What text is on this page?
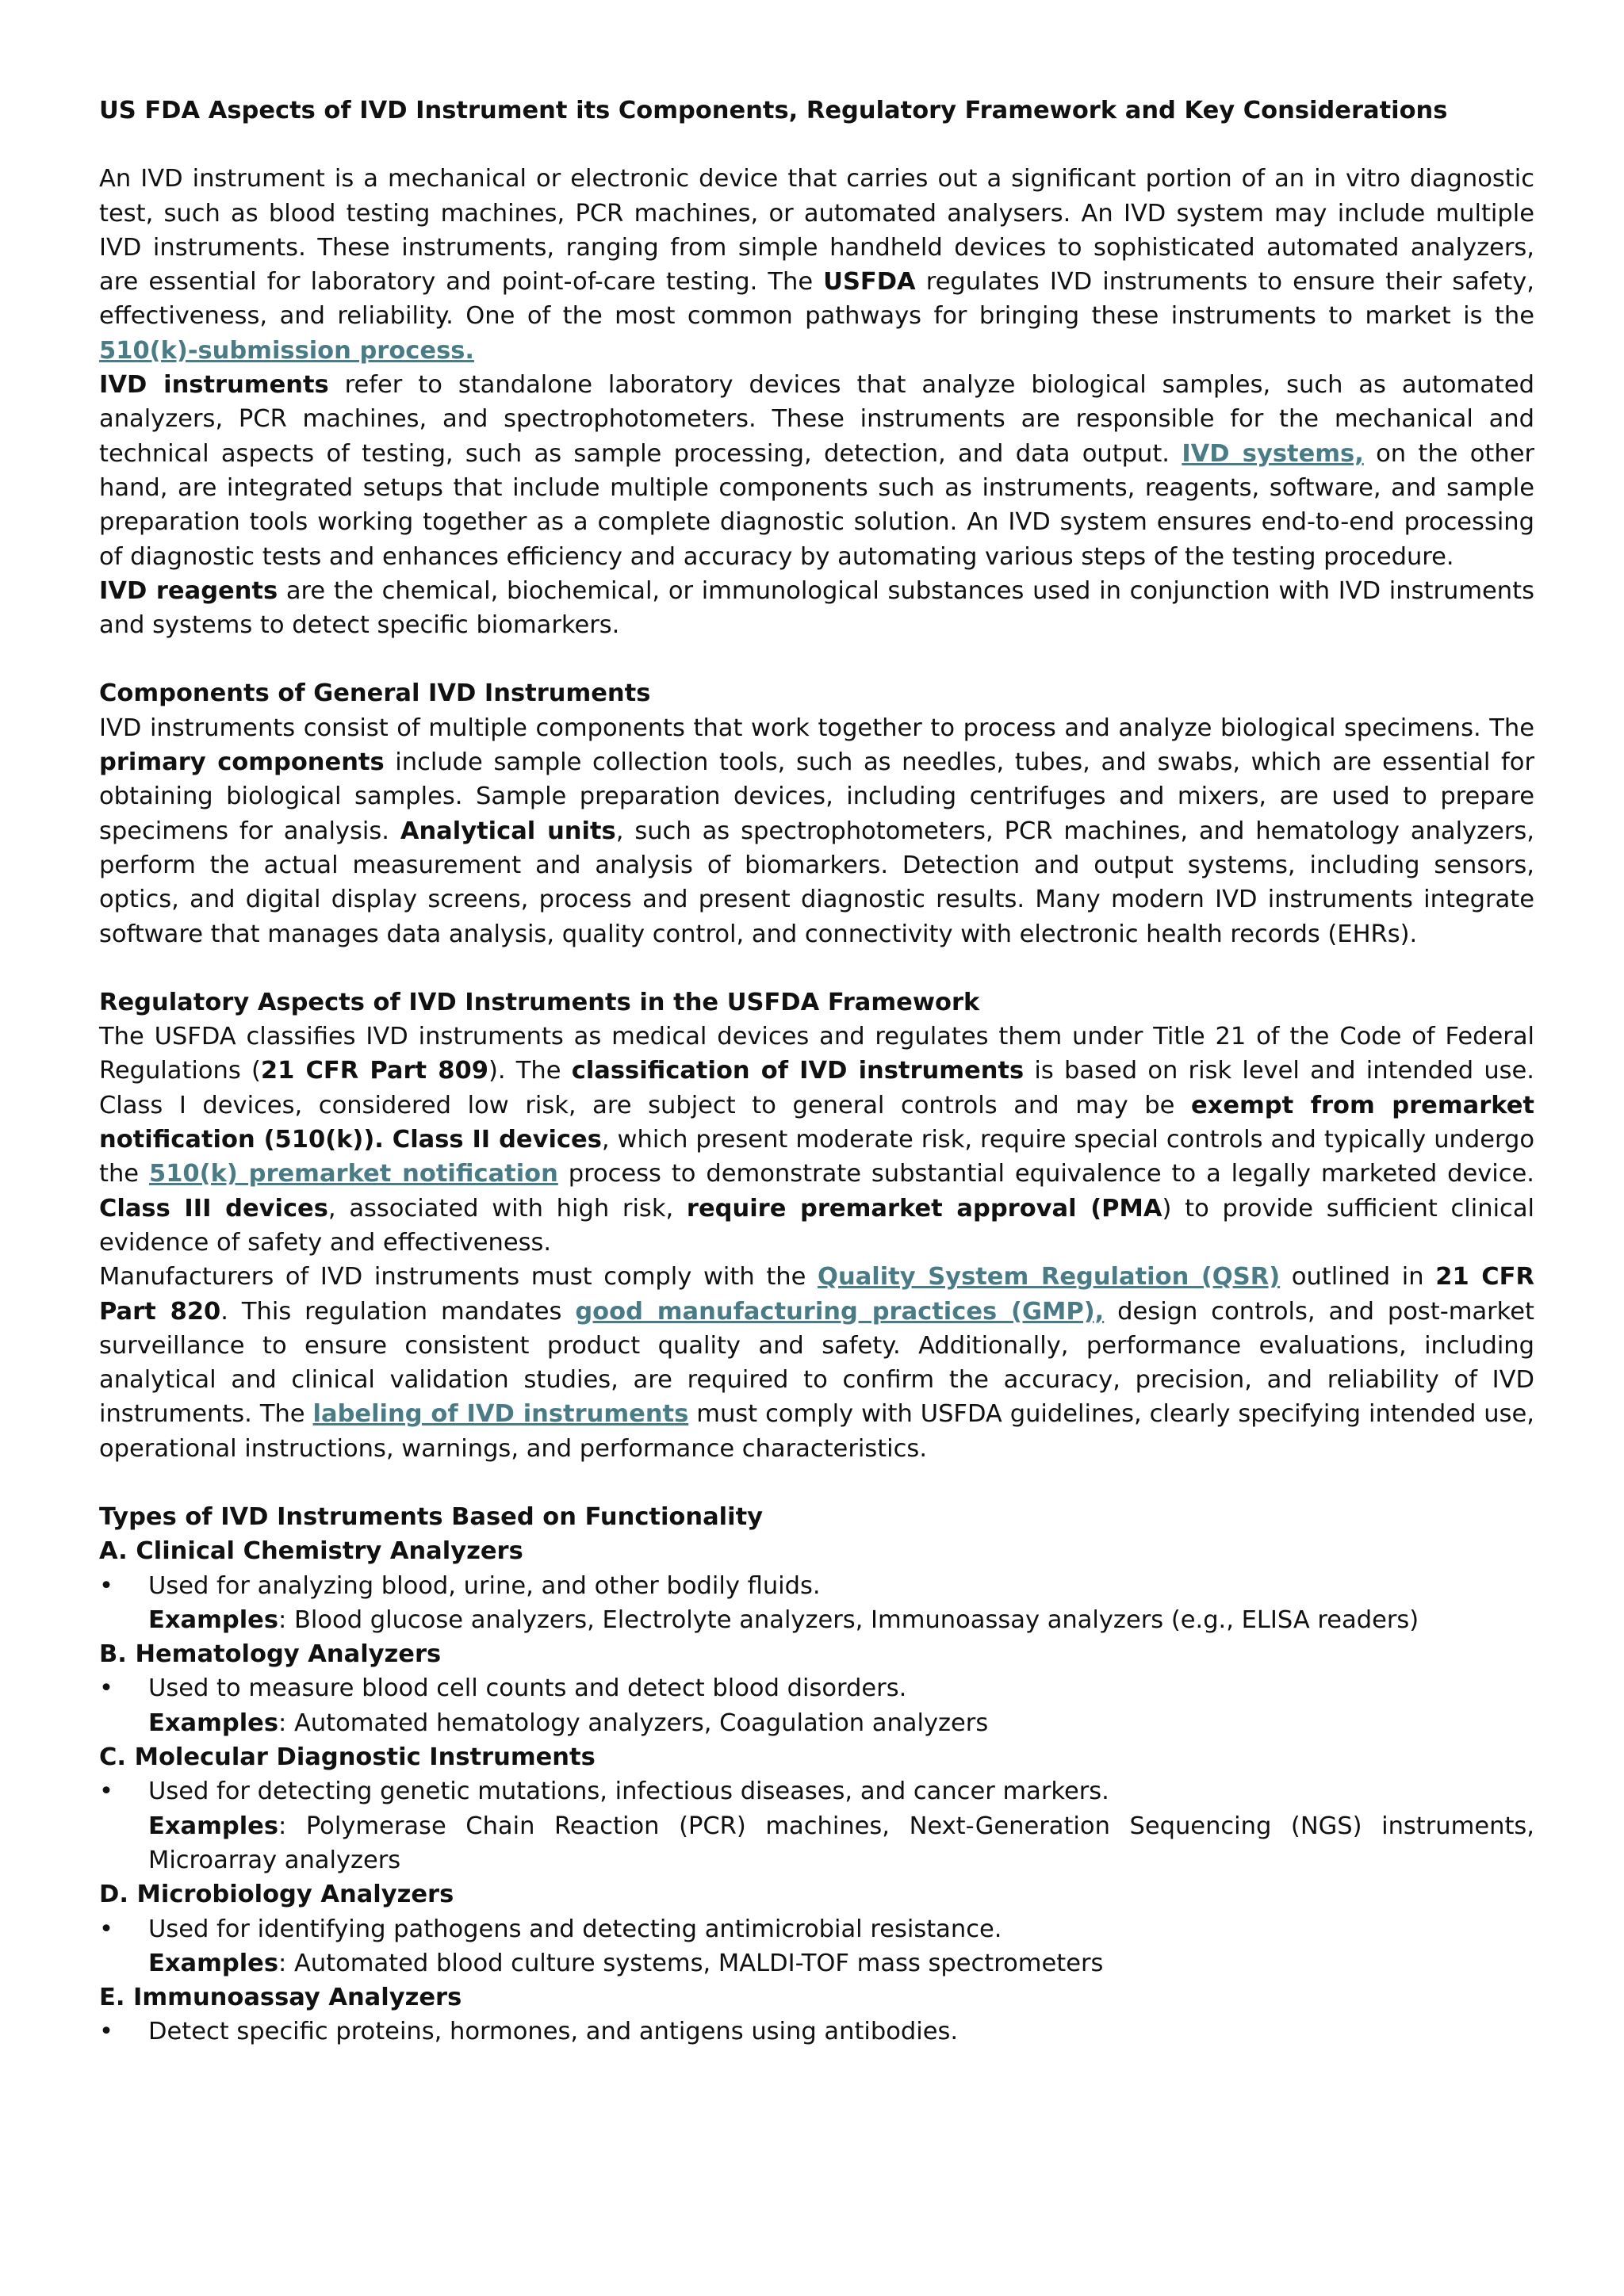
US FDA Aspects of IVD Instrument its Components, Regulatory Framework and Key Considerations

An IVD instrument is a mechanical or electronic device that carries out a significant portion of an in vitro diagnostic test, such as blood testing machines, PCR machines, or automated analysers. An IVD system may include multiple IVD instruments. These instruments, ranging from simple handheld devices to sophisticated automated analyzers, are essential for laboratory and point-of-care testing. The USFDA regulates IVD instruments to ensure their safety, effectiveness, and reliability. One of the most common pathways for bringing these instruments to market is the 510(k)-submission process.

IVD instruments refer to standalone laboratory devices that analyze biological samples, such as automated analyzers, PCR machines, and spectrophotometers. These instruments are responsible for the mechanical and technical aspects of testing, such as sample processing, detection, and data output. IVD systems, on the other hand, are integrated setups that include multiple components such as instruments, reagents, software, and sample preparation tools working together as a complete diagnostic solution. An IVD system ensures end-to-end processing of diagnostic tests and enhances efficiency and accuracy by automating various steps of the testing procedure.

IVD reagents are the chemical, biochemical, or immunological substances used in conjunction with IVD instruments and systems to detect specific biomarkers.

Components of General IVD Instruments

IVD instruments consist of multiple components that work together to process and analyze biological specimens. The primary components include sample collection tools, such as needles, tubes, and swabs, which are essential for obtaining biological samples. Sample preparation devices, including centrifuges and mixers, are used to prepare specimens for analysis. Analytical units, such as spectrophotometers, PCR machines, and hematology analyzers, perform the actual measurement and analysis of biomarkers. Detection and output systems, including sensors, optics, and digital display screens, process and present diagnostic results. Many modern IVD instruments integrate software that manages data analysis, quality control, and connectivity with electronic health records (EHRs).

Regulatory Aspects of IVD Instruments in the USFDA Framework

The USFDA classifies IVD instruments as medical devices and regulates them under Title 21 of the Code of Federal Regulations (21 CFR Part 809). The classification of IVD instruments is based on risk level and intended use. Class I devices, considered low risk, are subject to general controls and may be exempt from premarket notification (510(k)). Class II devices, which present moderate risk, require special controls and typically undergo the 510(k) premarket notification process to demonstrate substantial equivalence to a legally marketed device. Class III devices, associated with high risk, require premarket approval (PMA) to provide sufficient clinical evidence of safety and effectiveness.

Manufacturers of IVD instruments must comply with the Quality System Regulation (QSR) outlined in 21 CFR Part 820. This regulation mandates good manufacturing practices (GMP), design controls, and post-market surveillance to ensure consistent product quality and safety. Additionally, performance evaluations, including analytical and clinical validation studies, are required to confirm the accuracy, precision, and reliability of IVD instruments. The labeling of IVD instruments must comply with USFDA guidelines, clearly specifying intended use, operational instructions, warnings, and performance characteristics.

Types of IVD Instruments Based on Functionality

A. Clinical Chemistry Analyzers

• Used for analyzing blood, urine, and other bodily fluids.
Examples: Blood glucose analyzers, Electrolyte analyzers, Immunoassay analyzers (e.g., ELISA readers)

B. Hematology Analyzers

• Used to measure blood cell counts and detect blood disorders.
Examples: Automated hematology analyzers, Coagulation analyzers

C. Molecular Diagnostic Instruments

• Used for detecting genetic mutations, infectious diseases, and cancer markers.
Examples: Polymerase Chain Reaction (PCR) machines, Next-Generation Sequencing (NGS) instruments, Microarray analyzers

D. Microbiology Analyzers

• Used for identifying pathogens and detecting antimicrobial resistance.
Examples: Automated blood culture systems, MALDI-TOF mass spectrometers

E. Immunoassay Analyzers

• Detect specific proteins, hormones, and antigens using antibodies.
